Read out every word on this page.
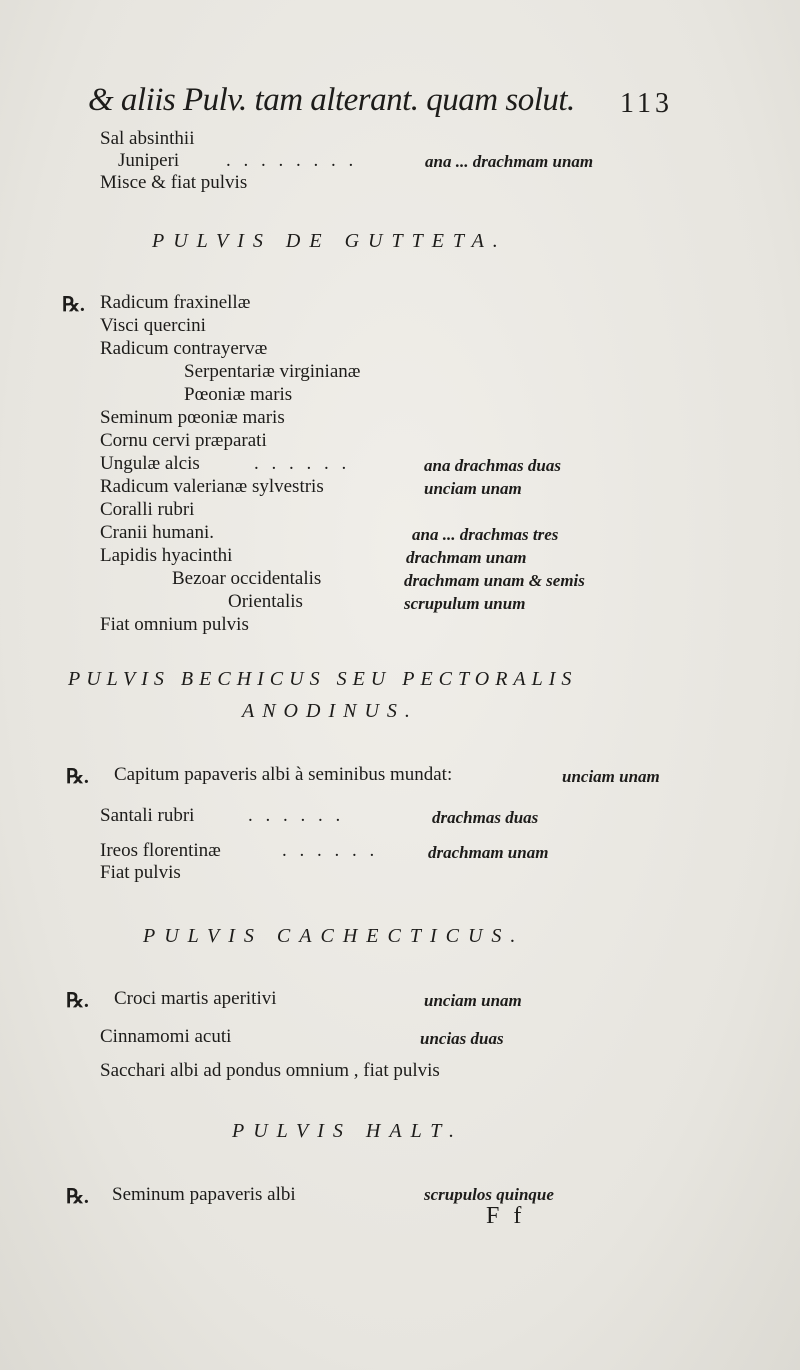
& aliis Pulv. tam alterant. quam solut. 113
Sal absinthii
Juniperi . . . . . . . .	ana ... drachmam unam
Misce & fiat pulvis
PULVIS DE GUTTETA.
℞. Radicum fraxinellæ
Visci quercini
Radicum contrayervæ
Serpentariæ virginianæ
Pœoniæ maris
Seminum pœoniæ maris
Cornu cervi præparati
Ungulæ alcis	. . . . . .	ana drachmas duas
Radicum valerianæ sylvestris	unciam unam
Coralli rubri
Cranii humani.	ana ... drachmas tres
Lapidis hyacinthi	drachmam unam
Bezoar occidentalis	drachmam unam & semis
Orientalis	scrupulum unum
Fiat omnium pulvis
PULVIS BECHICUS SEU PECTORALIS
ANODINUS.
℞. Capitum papaveris albi à seminibus mundat:	unciam unam
Santali rubri	. . . . . .	drachmas duas
Ireos florentinæ	. . . . . .	drachmam unam
Fiat pulvis
PULVIS CACHECTICUS.
℞. Croci martis aperitivi	unciam unam
Cinnamomi acuti	uncias duas
Sacchari albi ad pondus omnium , fiat pulvis
PULVIS HALT.
℞. Seminum papaveris albi	scrupulos quinque
F f
